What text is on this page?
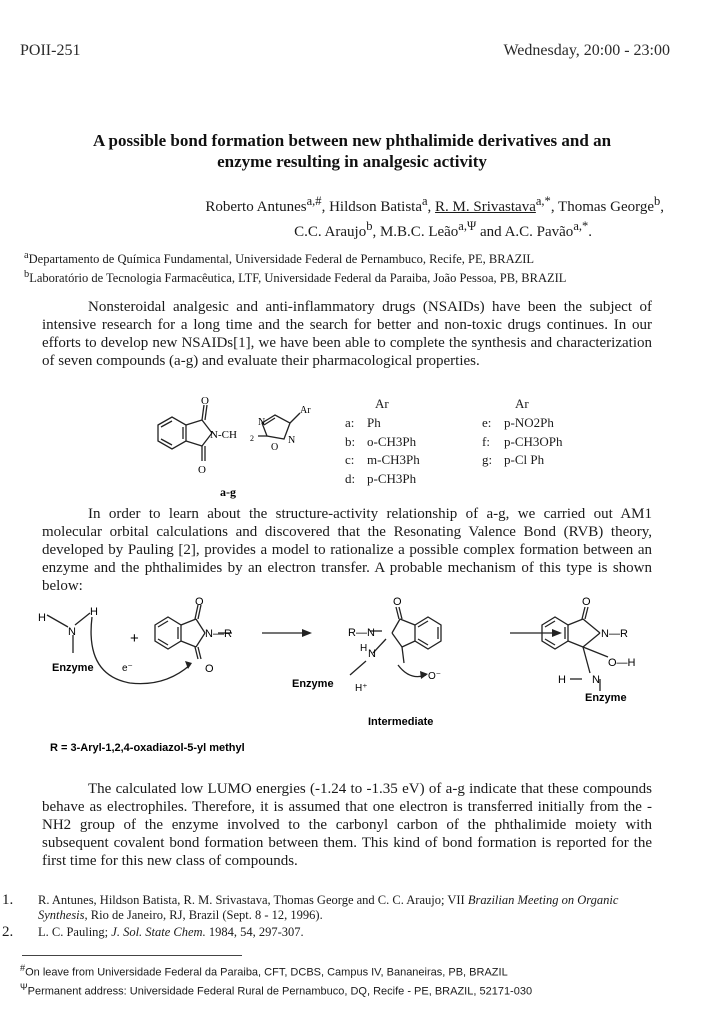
POII-251	Wednesday, 20:00 - 23:00
A possible bond formation between new phthalimide derivatives and an
enzyme resulting in analgesic activity
Roberto Antunes$^{a,\#}$, Hildson Batista$^a$, R. M. Srivastava$^{a,*}$, Thomas George$^b$,
C.C. Araujo$^b$, M.B.C. Leão$^{a,\Psi}$ and A.C. Pavão$^{a,*}$.
$^a$Departamento de Química Fundamental, Universidade Federal de Pernambuco, Recife, PE, BRAZIL
$^b$Laboratório de Tecnologia Farmacêutica, LTF, Universidade Federal da Paraiba, João Pessoa, PB, BRAZIL
Nonsteroidal analgesic and anti-inflammatory drugs (NSAIDs) have been the subject of intensive research for a long time and the search for better and non-toxic drugs continues. In our efforts to develop new NSAIDs[1], we have been able to complete the synthesis and characterization of seven compounds (a-g) and evaluate their pharmacological properties.
O
O
N-CH 2
N
N
O
Ar
a-g
Ar	Ar
a: Ph
b: o-CH3Ph
c: m-CH3Ph
d: p-CH3Ph
e: p-NO2Ph
f: p-CH3OPh
g: p-Cl Ph
In order to learn about the structure-activity relationship of a-g, we carried out AM1 molecular orbital calculations and discovered that the Resonating Valence Bond (RVB) theory, developed by Pauling [2], provides a model to rationalize a possible complex formation between an enzyme and the phthalimides by an electron transfer. A probable mechanism of this type is shown below:
H	H
N
Enzyme
+
e⁻
O
O
N—R	R—N
O
N
H
Enzyme H⁺
O⁻
O
N—R
O—H
H N
Enzyme
Intermediate
R = 3-Aryl-1,2,4-oxadiazol-5-yl methyl
The calculated low LUMO energies (-1.24 to -1.35 eV) of a-g indicate that these compounds behave as electrophiles. Therefore, it is assumed that one electron is transferred initially from the -NH2 group of the enzyme involved to the carbonyl carbon of the phthalimide moiety with subsequent covalent bond formation between them. This kind of bond formation is reported for the first time for this new class of compounds.
1. R. Antunes, Hildson Batista, R. M. Srivastava, Thomas George and C. C. Araujo; VII Brazilian Meeting on Organic Synthesis, Rio de Janeiro, RJ, Brazil (Sept. 8 - 12, 1996).
2. L. C. Pauling; J. Sol. State Chem. 1984, 54, 297-307.
#On leave from Universidade Federal da Paraiba, CFT, DCBS, Campus IV, Bananeiras, PB, BRAZIL
$^\Psi$Permanent address: Universidade Federal Rural de Pernambuco, DQ, Recife - PE, BRAZIL, 52171-030
